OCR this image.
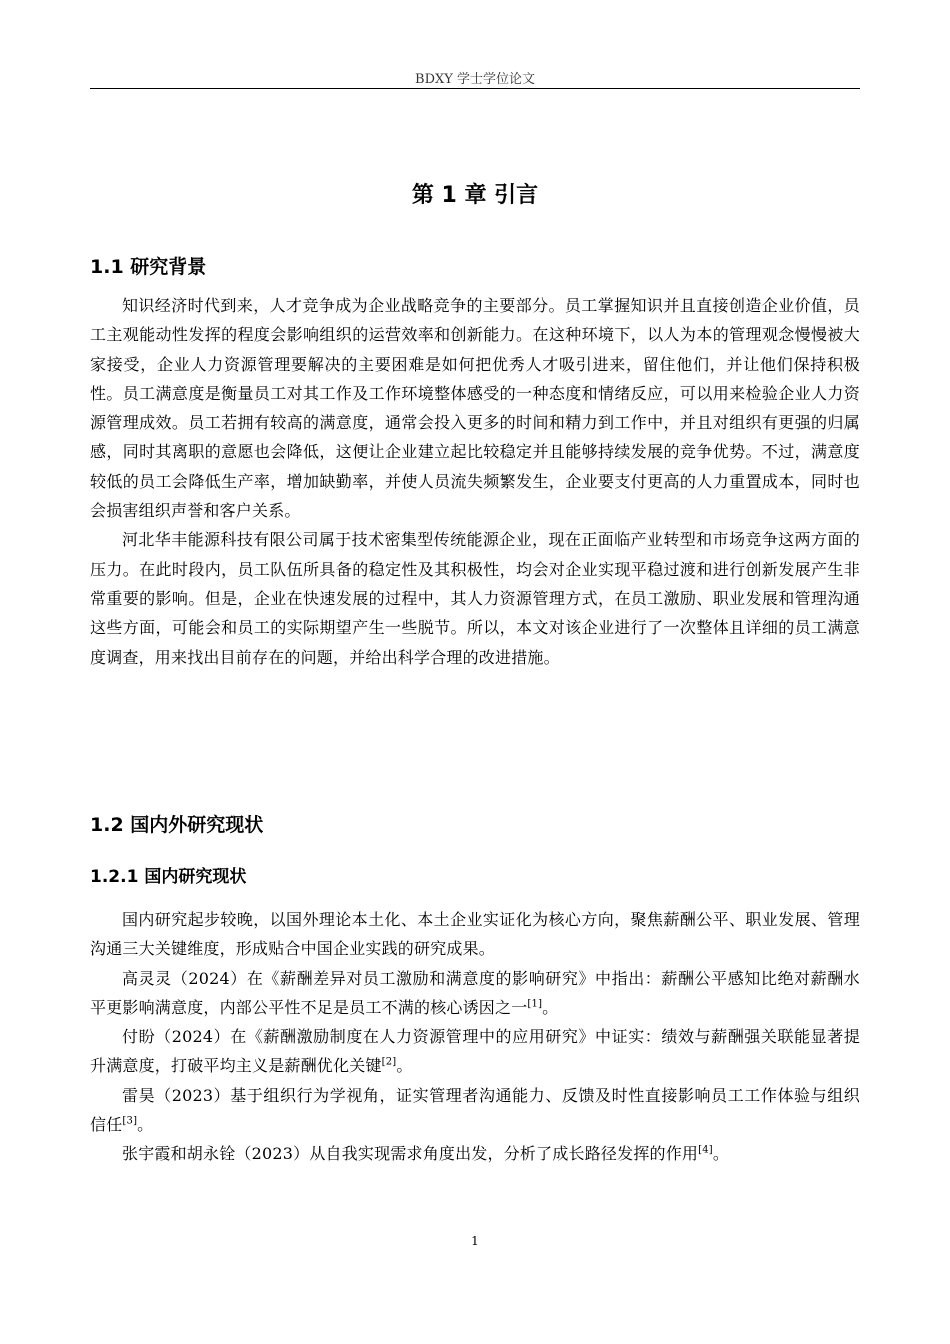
BDXY 学士学位论文
第 1 章 引言
1.1 研究背景

知识经济时代到来，人才竞争成为企业战略竞争的主要部分。员工掌握知识并且直接创造企业价值，员工主观能动性发挥的程度会影响组织的运营效率和创新能力。在这种环境下，以人为本的管理观念慢慢被大家接受，企业人力资源管理要解决的主要困难是如何把优秀人才吸引进来，留住他们，并让他们保持积极性。员工满意度是衡量员工对其工作及工作环境整体感受的一种态度和情绪反应，可以用来检验企业人力资源管理成效。员工若拥有较高的满意度，通常会投入更多的时间和精力到工作中，并且对组织有更强的归属感，同时其离职的意愿也会降低，这便让企业建立起比较稳定并且能够持续发展的竞争优势。不过，满意度较低的员工会降低生产率，增加缺勤率，并使人员流失频繁发生，企业要支付更高的人力重置成本，同时也会损害组织声誉和客户关系。

河北华丰能源科技有限公司属于技术密集型传统能源企业，现在正面临产业转型和市场竞争这两方面的压力。在此时段内，员工队伍所具备的稳定性及其积极性，均会对企业实现平稳过渡和进行创新发展产生非常重要的影响。但是，企业在快速发展的过程中，其人力资源管理方式，在员工激励、职业发展和管理沟通这些方面，可能会和员工的实际期望产生一些脱节。所以，本文对该企业进行了一次整体且详细的员工满意度调查，用来找出目前存在的问题，并给出科学合理的改进措施。

1.2 国内外研究现状
1.2.1 国内研究现状

国内研究起步较晚，以国外理论本土化、本土企业实证化为核心方向，聚焦薪酬公平、职业发展、管理沟通三大关键维度，形成贴合中国企业实践的研究成果。

高灵灵（2024）在《薪酬差异对员工激励和满意度的影响研究》中指出：薪酬公平感知比绝对薪酬水平更影响满意度，内部公平性不足是员工不满的核心诱因之一[1]。

付盼（2024）在《薪酬激励制度在人力资源管理中的应用研究》中证实：绩效与薪酬强关联能显著提升满意度，打破平均主义是薪酬优化关键[2]。

雷昊（2023）基于组织行为学视角，证实管理者沟通能力、反馈及时性直接影响员工工作体验与组织信任[3]。

张宇霞和胡永铨（2023）从自我实现需求角度出发，分析了成长路径发挥的作用[4]。

1
